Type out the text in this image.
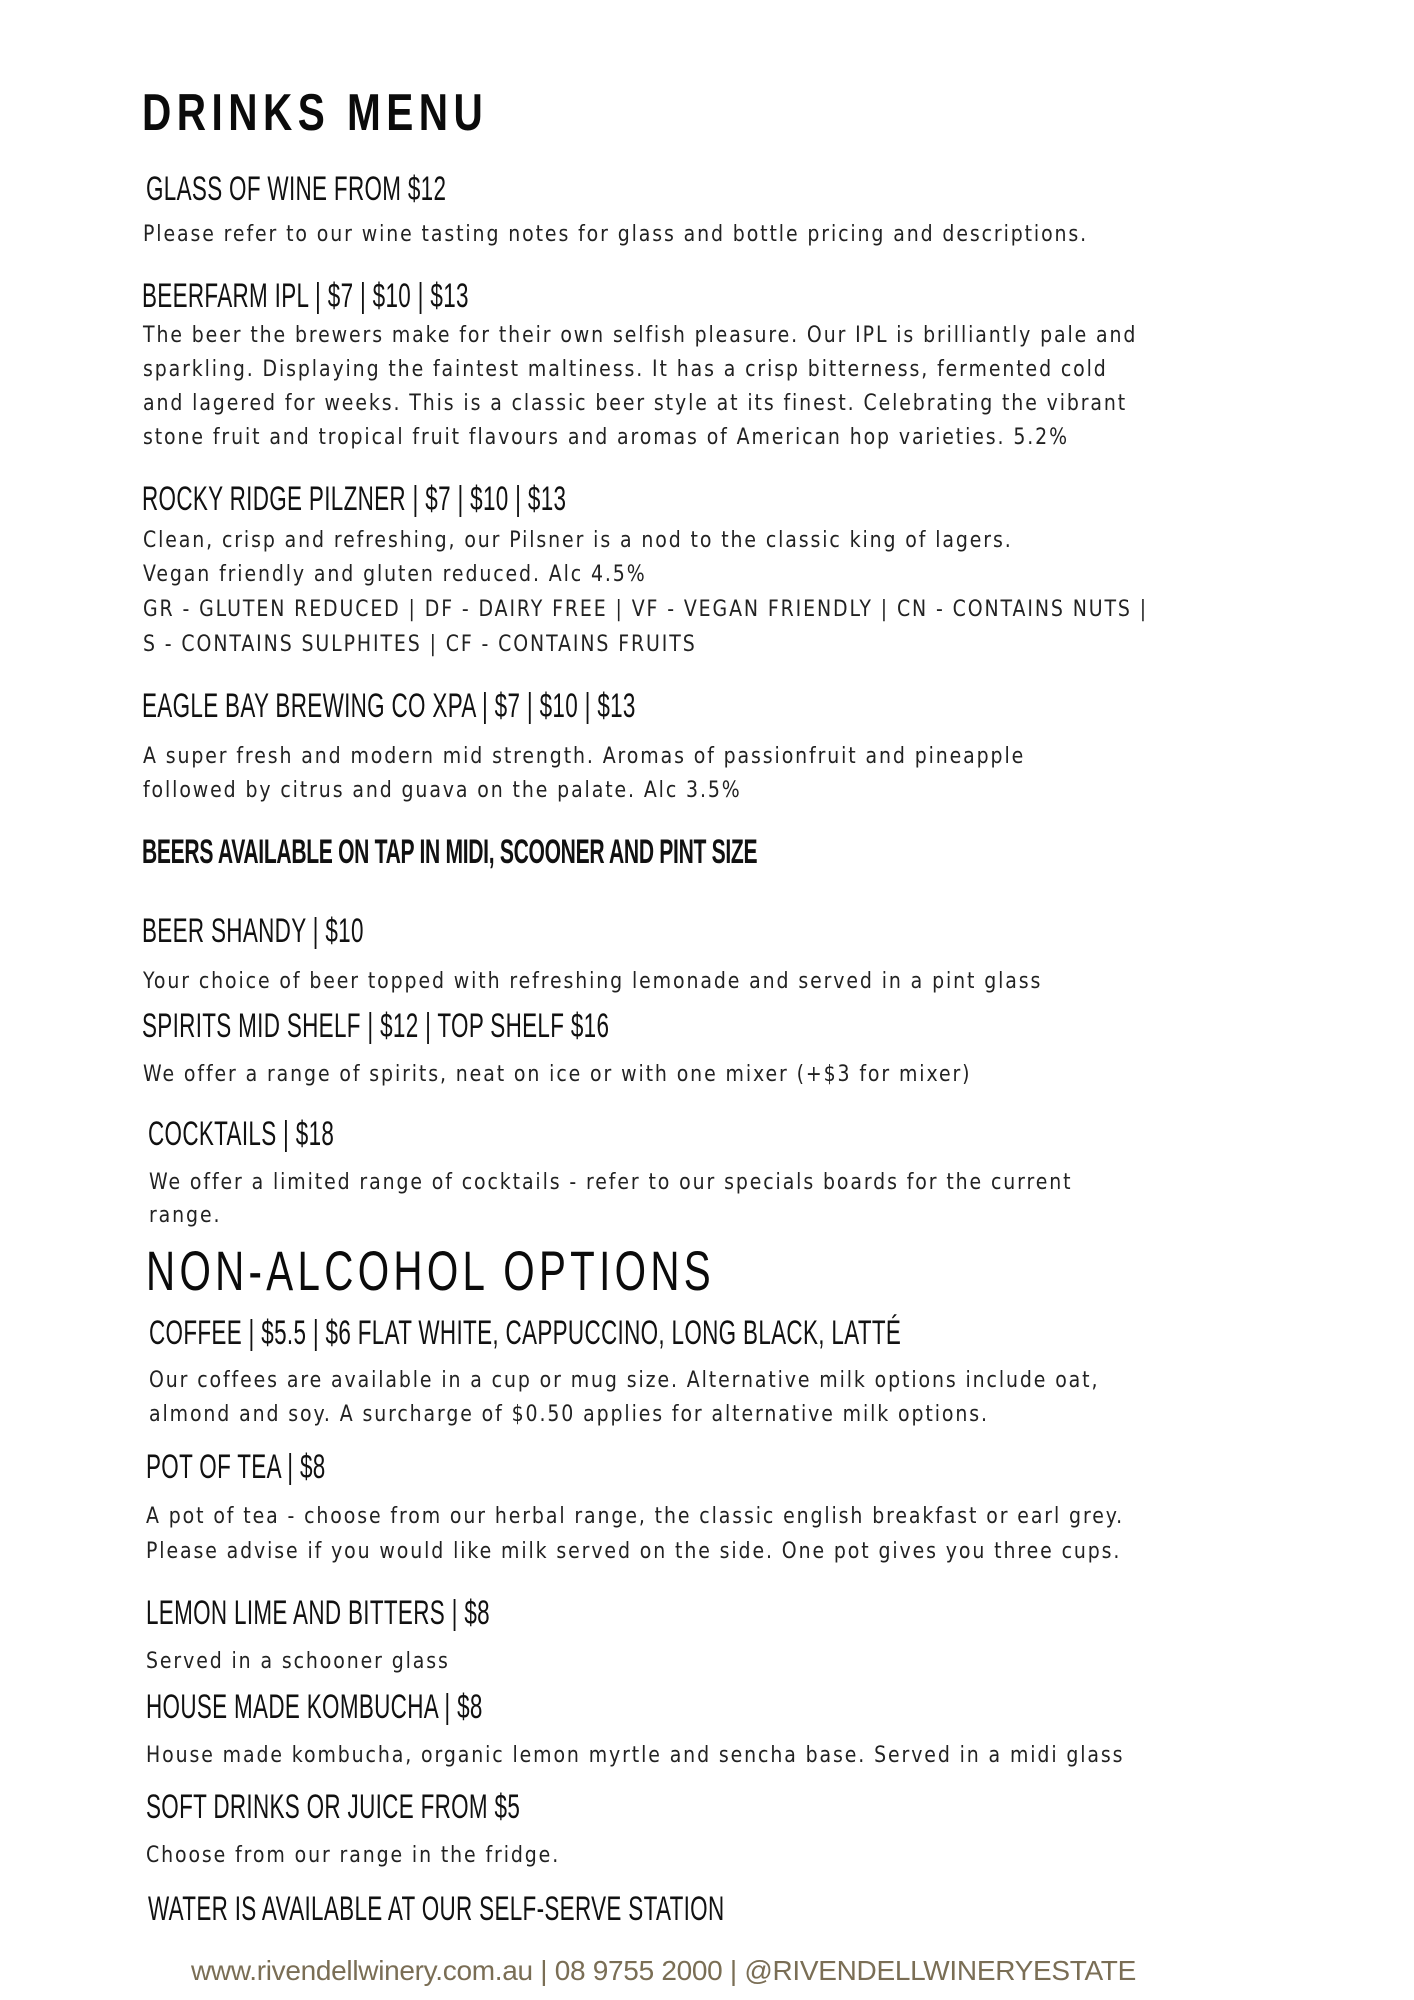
DRINKS MENU
GLASS OF WINE FROM $12
Please refer to our wine tasting notes for glass and bottle pricing and descriptions.
BEERFARM IPL | $7 | $10 | $13
The beer the brewers make for their own selfish pleasure. Our IPL is brilliantly pale and
sparkling. Displaying the faintest maltiness. It has a crisp bitterness, fermented cold
and lagered for weeks. This is a classic beer style at its finest. Celebrating the vibrant
stone fruit and tropical fruit flavours and aromas of American hop varieties. 5.2%
ROCKY RIDGE PILZNER | $7 | $10 | $13
Clean, crisp and refreshing, our Pilsner is a nod to the classic king of lagers.
Vegan friendly and gluten reduced. Alc 4.5%
GR - GLUTEN REDUCED | DF - DAIRY FREE | VF - VEGAN FRIENDLY | CN - CONTAINS NUTS |
S - CONTAINS SULPHITES | CF - CONTAINS FRUITS
EAGLE BAY BREWING CO XPA | $7 | $10 | $13
A super fresh and modern mid strength. Aromas of passionfruit and pineapple
followed by citrus and guava on the palate. Alc 3.5%
BEERS AVAILABLE ON TAP IN MIDI, SCOONER AND PINT SIZE
BEER SHANDY | $10
Your choice of beer topped with refreshing lemonade and served in a pint glass
SPIRITS MID SHELF | $12 | TOP SHELF $16
We offer a range of spirits, neat on ice or with one mixer (+$3 for mixer)
COCKTAILS | $18
We offer a limited range of cocktails - refer to our specials boards for the current
range.
NON-ALCOHOL OPTIONS
COFFEE | $5.5 | $6 FLAT WHITE, CAPPUCCINO, LONG BLACK, LATTÉ
Our coffees are available in a cup or mug size. Alternative milk options include oat,
almond and soy. A surcharge of $0.50 applies for alternative milk options.
POT OF TEA | $8
A pot of tea - choose from our herbal range, the classic english breakfast or earl grey.
Please advise if you would like milk served on the side. One pot gives you three cups.
LEMON LIME AND BITTERS | $8
Served in a schooner glass
HOUSE MADE KOMBUCHA | $8
House made kombucha, organic lemon myrtle and sencha base. Served in a midi glass
SOFT DRINKS OR JUICE FROM $5
Choose from our range in the fridge.
WATER IS AVAILABLE AT OUR SELF-SERVE STATION
www.rivendellwinery.com.au | 08 9755 2000 | @RIVENDELLWINERYESTATE
